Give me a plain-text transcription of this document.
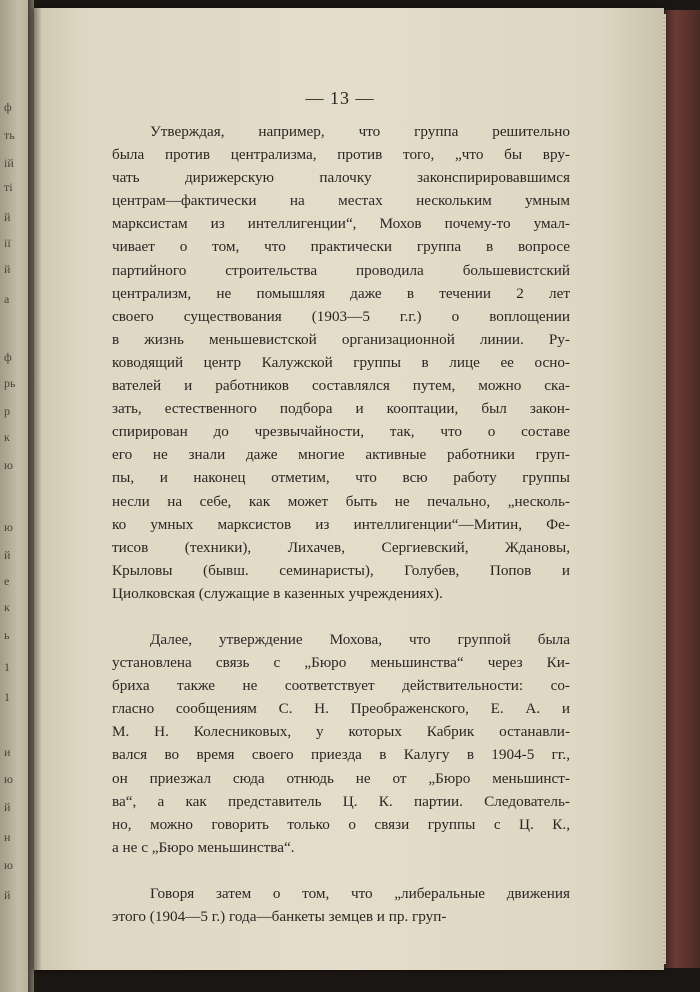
ф
ть
ій
ті
й
ії
й
а
ф
рь
р
к
ю
ю
й
е
к
ь
1
1
и
ю
й
н
ю
й
— 13 —
Утверждая, например, что группа решительно
была против централизма, против того, „что бы вру-
чать дирижерскую палочку законспирировавшимся
центрам—фактически на местах нескольким умным
марксистам из интеллигенции“, Мохов почему-то умал-
чивает о том, что практически группа в вопросе
партийного строительства проводила большевистский
централизм, не помышляя даже в течении 2 лет
своего существования (1903—5 г.г.) о воплощении
в жизнь меньшевистской организационной линии. Ру-
ководящий центр Калужской группы в лице ее осно-
вателей и работников составлялся путем, можно ска-
зать, естественного подбора и кооптации, был закон-
спирирован до чрезвычайности, так, что о составе
его не знали даже многие активные работники груп-
пы, и наконец отметим, что всю работу группы
несли на себе, как может быть не печально, „несколь-
ко умных марксистов из интеллигенции“—Митин, Фе-
тисов (техники), Лихачев, Сергиевский, Ждановы,
Крыловы (бывш. семинаристы), Голубев, Попов и
Циолковская (служащие в казенных учреждениях).
Далее, утверждение Мохова, что группой была
установлена связь с „Бюро меньшинства“ через Ки-
бриха также не соответствует действительности: со-
гласно сообщениям С. Н. Преображенского, Е. А. и
М. Н. Колесниковых, у которых Кабрик останавли-
вался во время своего приезда в Калугу в 1904-5 гг.,
он приезжал сюда отнюдь не от „Бюро меньшинст-
ва“, а как представитель Ц. К. партии. Следователь-
но, можно говорить только о связи группы с Ц. К.,
а не с „Бюро меньшинства“.
Говоря затем о том, что „либеральные движения
этого (1904—5 г.) года—банкеты земцев и пр. груп-
